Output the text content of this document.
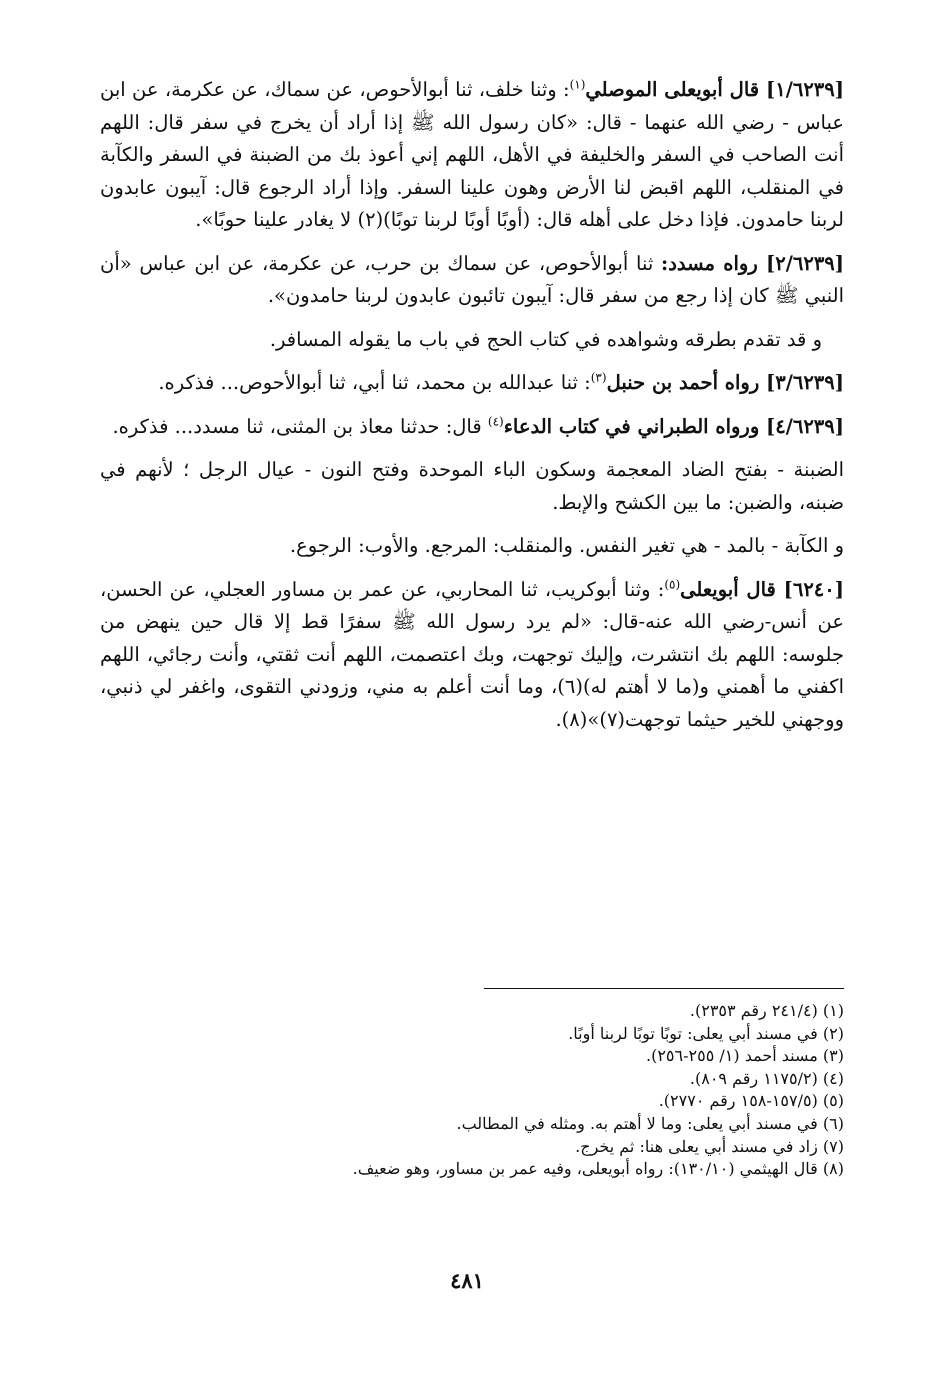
[١/٦٢٣٩] قال أبويعلى الموصلي$^{(١)}$: وثنا خلف، ثنا أبوالأحوص، عن سماك، عن عكرمة، عن ابن عباس - رضي الله عنهما - قال: «كان رسول الله ﷺ إذا أراد أن يخرج في سفر قال: اللهم أنت الصاحب في السفر والخليفة في الأهل، اللهم إني أعوذ بك من الضبنة في السفر والكآبة في المنقلب، اللهم اقبض لنا الأرض وهون علينا السفر. وإذا أراد الرجوع قال: آيبون عابدون لربنا حامدون. فإذا دخل على أهله قال: (أوبًا أوبًا لربنا توبًا)(٢) لا يغادر علينا حوبًا».

[٢/٦٢٣٩] رواه مسدد: ثنا أبوالأحوص، عن سماك بن حرب، عن عكرمة، عن ابن عباس «أن النبي ﷺ كان إذا رجع من سفر قال: آيبون تائبون عابدون لربنا حامدون».

و قد تقدم بطرقه وشواهده في كتاب الحج في باب ما يقوله المسافر.

[٣/٦٢٣٩] رواه أحمد بن حنبل$^{(٣)}$: ثنا عبدالله بن محمد، ثنا أبي، ثنا أبوالأحوص... فذكره.

[٤/٦٢٣٩] ورواه الطبراني في كتاب الدعاء$^{(٤)}$ قال: حدثنا معاذ بن المثنى، ثنا مسدد... فذكره.

الضبنة - بفتح الضاد المعجمة وسكون الباء الموحدة وفتح النون - عيال الرجل ؛ لأنهم في ضبنه، والضبن: ما بين الكشح والإبط.

و الكآبة - بالمد - هي تغير النفس. والمنقلب: المرجع. والأوب: الرجوع.

[٦٢٤٠] قال أبويعلى$^{(٥)}$: وثنا أبوكريب، ثنا المحاربي، عن عمر بن مساور العجلي، عن الحسن، عن أنس-رضي الله عنه-قال: «لم يرد رسول الله ﷺ سفرًا قط إلا قال حين ينهض من جلوسه: اللهم بك انتشرت، وإليك توجهت، وبك اعتصمت، اللهم أنت ثقتي، وأنت رجائي، اللهم اكفني ما أهمني و(ما لا أهتم له)(٦)، وما أنت أعلم به مني، وزودني التقوى، واغفر لي ذنبي، ووجهني للخير حيثما توجهت(٧)»(٨).

(١) (٢٤١/٤ رقم ٢٣٥٣).

(٢) في مسند أبي يعلى: توبًا توبًا لربنا أوبًا.

(٣) مسند أحمد (١/ ٢٥٥-٢٥٦).

(٤) (١١٧٥/٢ رقم ٨٠٩).

(٥) (١٥٧/٥-١٥٨ رقم ٢٧٧٠).

(٦) في مسند أبي يعلى: وما لا أهتم به. ومثله في المطالب.

(٧) زاد في مسند أبي يعلى هنا: ثم يخرج.

(٨) قال الهيثمي (١٣٠/١٠): رواه أبويعلى، وفيه عمر بن مساور، وهو ضعيف.

٤٨١
